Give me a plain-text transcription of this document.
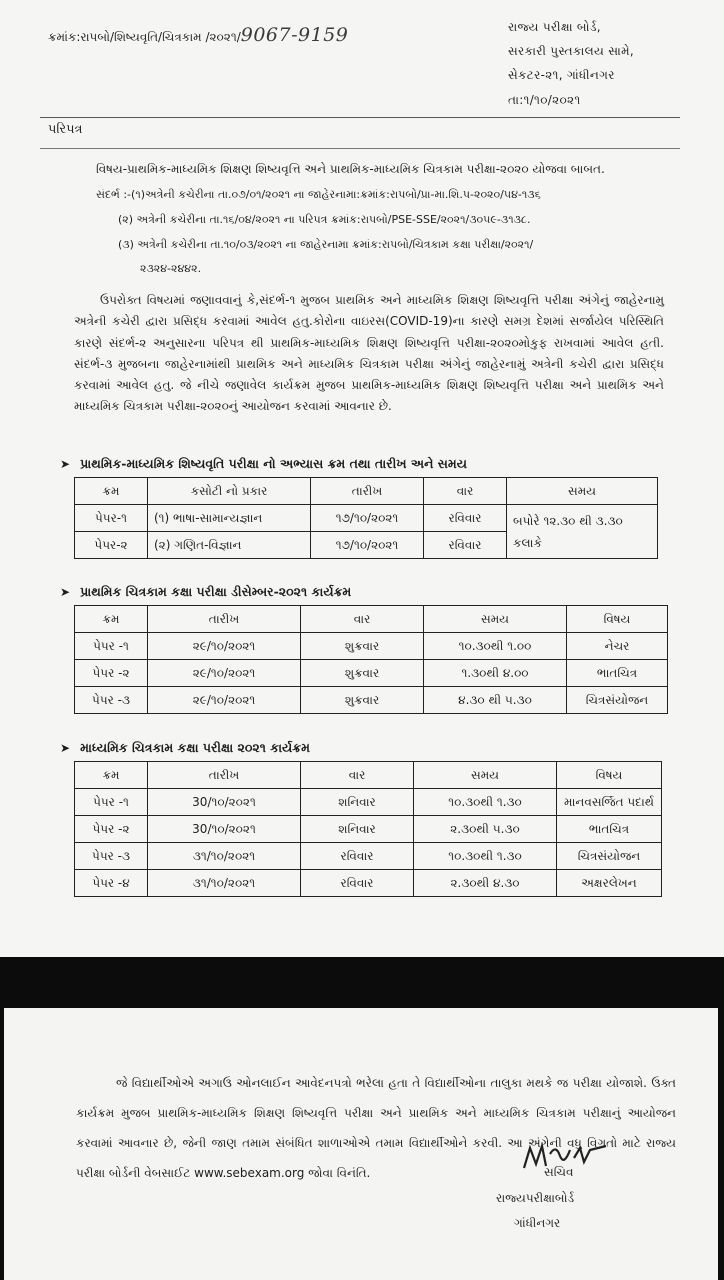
ક્રમાંક:રાપબો/શિષ્યવૃતિ/ચિત્રકામ /૨૦૨૧/9067-9159	રાજ્ય પરીક્ષા બોર્ડ,
સરકારી પુસ્તકાલય સામે,
સેકટર-૨૧, ગાંધીનગર
તા:૧/૧૦/૨૦૨૧
પરિપત્ર
વિષય-પ્રાથમિક-માધ્યમિક શિક્ષણ શિષ્યવૃત્તિ અને પ્રાથમિક-માધ્યમિક ચિત્રકામ પરીક્ષા-૨૦૨૦ યોજવા બાબત.
સંદર્ભ :-(૧)અત્રેની કચેરીના તા.૦૭/૦૧/૨૦૨૧ ના જાહેરનામા:ક્રમાંક:રાપબો/પ્રા-મા.શિ.પ-૨૦૨૦/૫૪-૧૩૬
(૨) અત્રેની કચેરીના તા.૧૬/૦૪/૨૦૨૧ ના પરિપત્ર ક્રમાંક:રાપબો/PSE-SSE/૨૦૨૧/૩૦૫૯-૩૧૩૮.
(૩) અત્રેની કચેરીના તા.૧૦/૦૩/૨૦૨૧ ના જાહેરનામા ક્રમાંક:રાપબો/ચિત્રકામ કક્ષા પરીક્ષા/૨૦૨૧/
૨૩૨૪-૨૪૪૨.
ઉપરોક્ત વિષયમાં જણાવવાનું કે,સંદર્ભ-૧ મુજબ પ્રાથમિક અને માધ્યમિક શિક્ષણ શિષ્યવૃત્તિ પરીક્ષા અંગેનું જાહેરનામુ અત્રેની કચેરી દ્વારા પ્રસિદ્ધ કરવામાં આવેલ હતુ.કોરોના વાઇરસ(COVID-19)ના કારણે સમગ્ર દેશમાં સર્જાયેલ પરિસ્થિતિ કારણે સંદર્ભ-૨ અનુસારના પરિપત્ર થી પ્રાથમિક-માધ્યમિક શિક્ષણ શિષ્યવૃત્તિ પરીક્ષા-૨૦૨૦મોકુફ રાખવામાં આવેલ હતી. સંદર્ભ-૩ મુજબના જાહેરનામાંથી પ્રાથમિક અને માધ્યમિક ચિત્રકામ પરીક્ષા અંગેનું જાહેરનામું અત્રેની કચેરી દ્વારા પ્રસિદ્ધ કરવામાં આવેલ હતુ. જે નીચે જણાવેલ કાર્યક્રમ મુજબ પ્રાથમિક-માધ્યમિક શિક્ષણ શિષ્યવૃત્તિ પરીક્ષા અને પ્રાથમિક અને માધ્યમિક ચિત્રકામ પરીક્ષા-૨૦૨૦નું આયોજન કરવામાં આવનાર છે.
➤ પ્રાથમિક-માધ્યમિક શિષ્યવૃતિ પરીક્ષા નો અભ્યાસ ક્રમ તથા તારીખ અને સમય
ક્રમ	કસોટી નો પ્રકાર	તારીખ	વાર	સમય
પેપર-૧	(૧) ભાષા-સામાન્યજ્ઞાન	૧૭/૧૦/૨૦૨૧	રવિવાર	બપોરે ૧૨.૩૦ થી ૩.૩૦
કલાકે

પેપર-૨	(૨) ગણિત-વિજ્ઞાન	૧૭/૧૦/૨૦૨૧	રવિવાર	
➤ પ્રાથમિક ચિત્રકામ કક્ષા પરીક્ષા ડીસેમ્બર-૨૦૨૧ કાર્યક્રમ
ક્રમ	તારીખ	વાર	સમય	વિષય
પેપર -૧	૨૯/૧૦/૨૦૨૧	શુક્રવાર	૧૦.૩૦થી ૧.૦૦	નેચર
પેપર -૨	૨૯/૧૦/૨૦૨૧	શુક્રવાર	૧.૩૦થી ૪.૦૦	ભાતચિત્ર
પેપર -૩	૨૯/૧૦/૨૦૨૧	શુક્રવાર	૪.૩૦ થી ૫.૩૦	ચિત્રસંયોજન
➤ માધ્યમિક ચિત્રકામ કક્ષા પરીક્ષા ૨૦૨૧ કાર્યક્રમ
ક્રમ	તારીખ	વાર	સમય	વિષય
પેપર -૧	30/૧૦/૨૦૨૧	શનિવાર	૧૦.૩૦થી ૧.૩૦	માનવસર્જિત પદાર્થ
પેપર -૨	30/૧૦/૨૦૨૧	શનિવાર	૨.૩૦થી ૫.૩૦	ભાતચિત્ર
પેપર -૩	૩૧/૧૦/૨૦૨૧	રવિવાર	૧૦.૩૦થી ૧.૩૦	ચિત્રસંયોજન
પેપર -૪	૩૧/૧૦/૨૦૨૧	રવિવાર	૨.૩૦થી ૪.૩૦	અક્ષરલેખન
જે વિદ્યાર્થીઓએ અગાઉ ઓનલાઈન આવેદનપત્રો ભરેલા હતા તે વિદ્યાર્થીઓના તાલુકા મથકે જ પરીક્ષા યોજાશે. ઉક્ત કાર્યક્રમ મુજબ પ્રાથમિક-માધ્યમિક શિક્ષણ શિષ્યવૃત્તિ પરીક્ષા અને પ્રાથમિક અને માધ્યમિક ચિત્રકામ પરીક્ષાનું આયોજન કરવામાં આવનાર છે, જેની જાણ તમામ સંબંધિત શાળાઓએ તમામ વિદ્યાર્થીઓને કરવી. આ અંગેની વધુ વિગતો માટે રાજ્ય પરીક્ષા બોર્ડની વેબસાઈટ www.sebexam.org જોવા વિનંતિ.	સચિવ
રાજ્યપરીક્ષાબોર્ડ
ગાંધીનગર
